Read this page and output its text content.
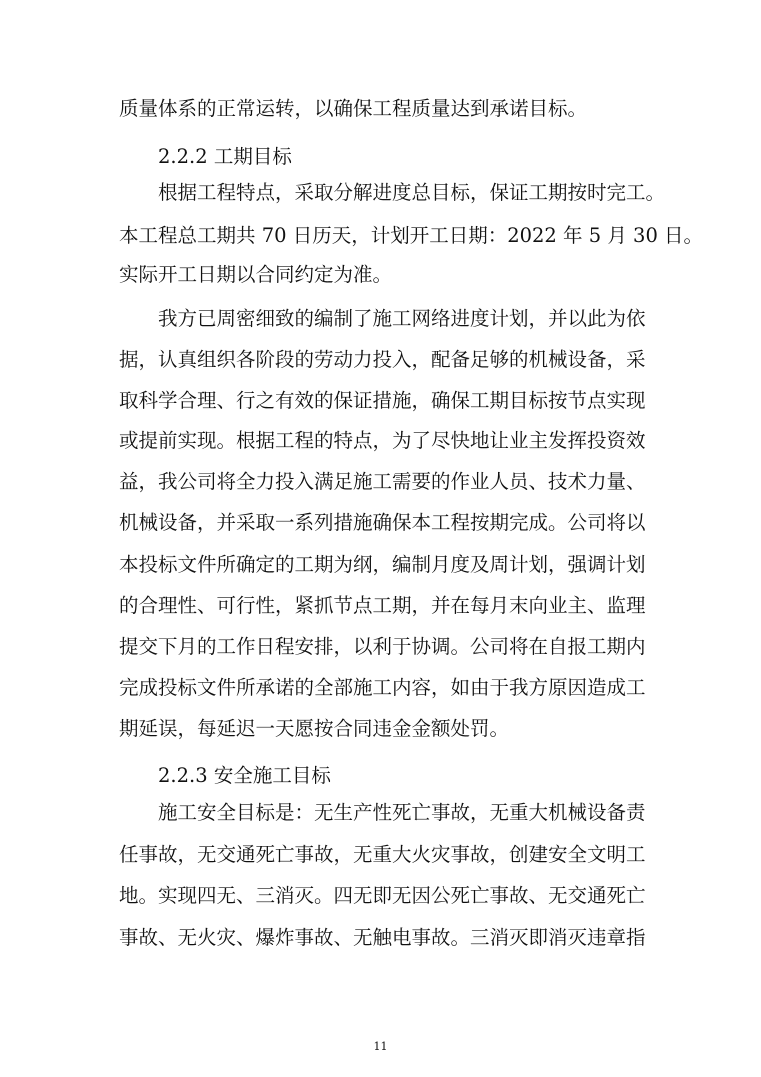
质量体系的正常运转，以确保工程质量达到承诺目标。
2.2.2 工期目标
根据工程特点，采取分解进度总目标，保证工期按时完工。
本工程总工期共 70 日历天，计划开工日期：2022 年 5 月 30 日。
实际开工日期以合同约定为准。
我方已周密细致的编制了施工网络进度计划，并以此为依
据，认真组织各阶段的劳动力投入，配备足够的机械设备，采
取科学合理、行之有效的保证措施，确保工期目标按节点实现
或提前实现。根据工程的特点，为了尽快地让业主发挥投资效
益，我公司将全力投入满足施工需要的作业人员、技术力量、
机械设备，并采取一系列措施确保本工程按期完成。公司将以
本投标文件所确定的工期为纲，编制月度及周计划，强调计划
的合理性、可行性，紧抓节点工期，并在每月末向业主、监理
提交下月的工作日程安排，以利于协调。公司将在自报工期内
完成投标文件所承诺的全部施工内容，如由于我方原因造成工
期延误，每延迟一天愿按合同违金金额处罚。
2.2.3 安全施工目标
施工安全目标是：无生产性死亡事故，无重大机械设备责
任事故，无交通死亡事故，无重大火灾事故，创建安全文明工
地。实现四无、三消灭。四无即无因公死亡事故、无交通死亡
事故、无火灾、爆炸事故、无触电事故。三消灭即消灭违章指
11
